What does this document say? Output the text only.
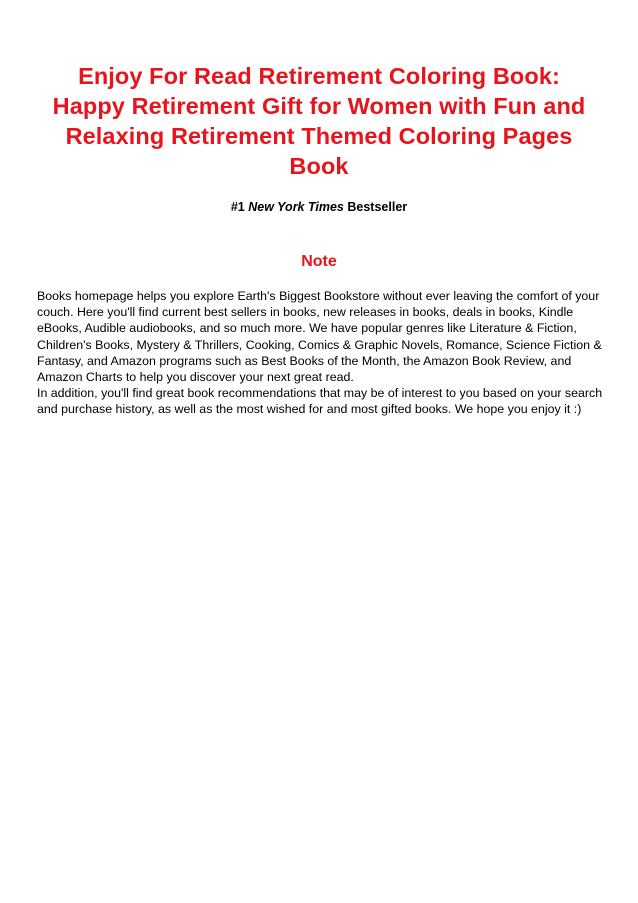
Enjoy For Read Retirement Coloring Book: Happy Retirement Gift for Women with Fun and Relaxing Retirement Themed Coloring Pages Book
#1 New York Times Bestseller
Note

Books homepage helps you explore Earth's Biggest Bookstore without ever leaving the comfort of your couch. Here you'll find current best sellers in books, new releases in books, deals in books, Kindle eBooks, Audible audiobooks, and so much more. We have popular genres like Literature & Fiction, Children's Books, Mystery & Thrillers, Cooking, Comics & Graphic Novels, Romance, Science Fiction & Fantasy, and Amazon programs such as Best Books of the Month, the Amazon Book Review, and Amazon Charts to help you discover your next great read.

In addition, you'll find great book recommendations that may be of interest to you based on your search and purchase history, as well as the most wished for and most gifted books. We hope you enjoy it :)
